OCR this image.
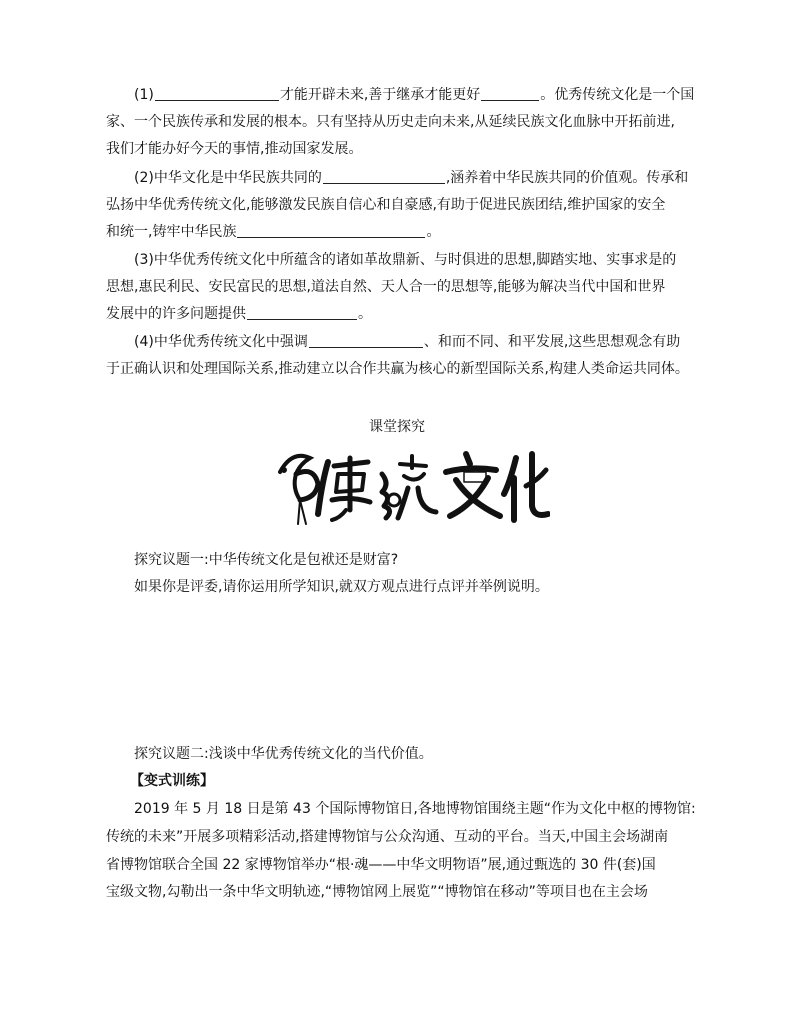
(1)	才能开辟未来,善于继承才能更好	。优秀传统文化是一个国
家、一个民族传承和发展的根本。只有坚持从历史走向未来,从延续民族文化血脉中开拓前进,
我们才能办好今天的事情,推动国家发展。
(2)中华文化是中华民族共同的	,涵养着中华民族共同的价值观。传承和
弘扬中华优秀传统文化,能够激发民族自信心和自豪感,有助于促进民族团结,维护国家的安全
和统一,铸牢中华民族	。
(3)中华优秀传统文化中所蕴含的诸如革故鼎新、与时俱进的思想,脚踏实地、实事求是的
思想,惠民利民、安民富民的思想,道法自然、天人合一的思想等,能够为解决当代中国和世界
发展中的许多问题提供	。
(4)中华优秀传统文化中强调	、和而不同、和平发展,这些思想观念有助
于正确认识和处理国际关系,推动建立以合作共赢为核心的新型国际关系,构建人类命运共同体。
课堂探究
探究议题一:中华传统文化是包袱还是财富?
如果你是评委,请你运用所学知识,就双方观点进行点评并举例说明。
探究议题二:浅谈中华优秀传统文化的当代价值。
【变式训练】
2019 年 5 月 18 日是第 43 个国际博物馆日,各地博物馆围绕主题“作为文化中枢的博物馆:
传统的未来”开展多项精彩活动,搭建博物馆与公众沟通、互动的平台。当天,中国主会场湖南
省博物馆联合全国 22 家博物馆举办“根·魂——中华文明物语”展,通过甄选的 30 件(套)国
宝级文物,勾勒出一条中华文明轨迹,“博物馆网上展览”“博物馆在移动”等项目也在主会场
